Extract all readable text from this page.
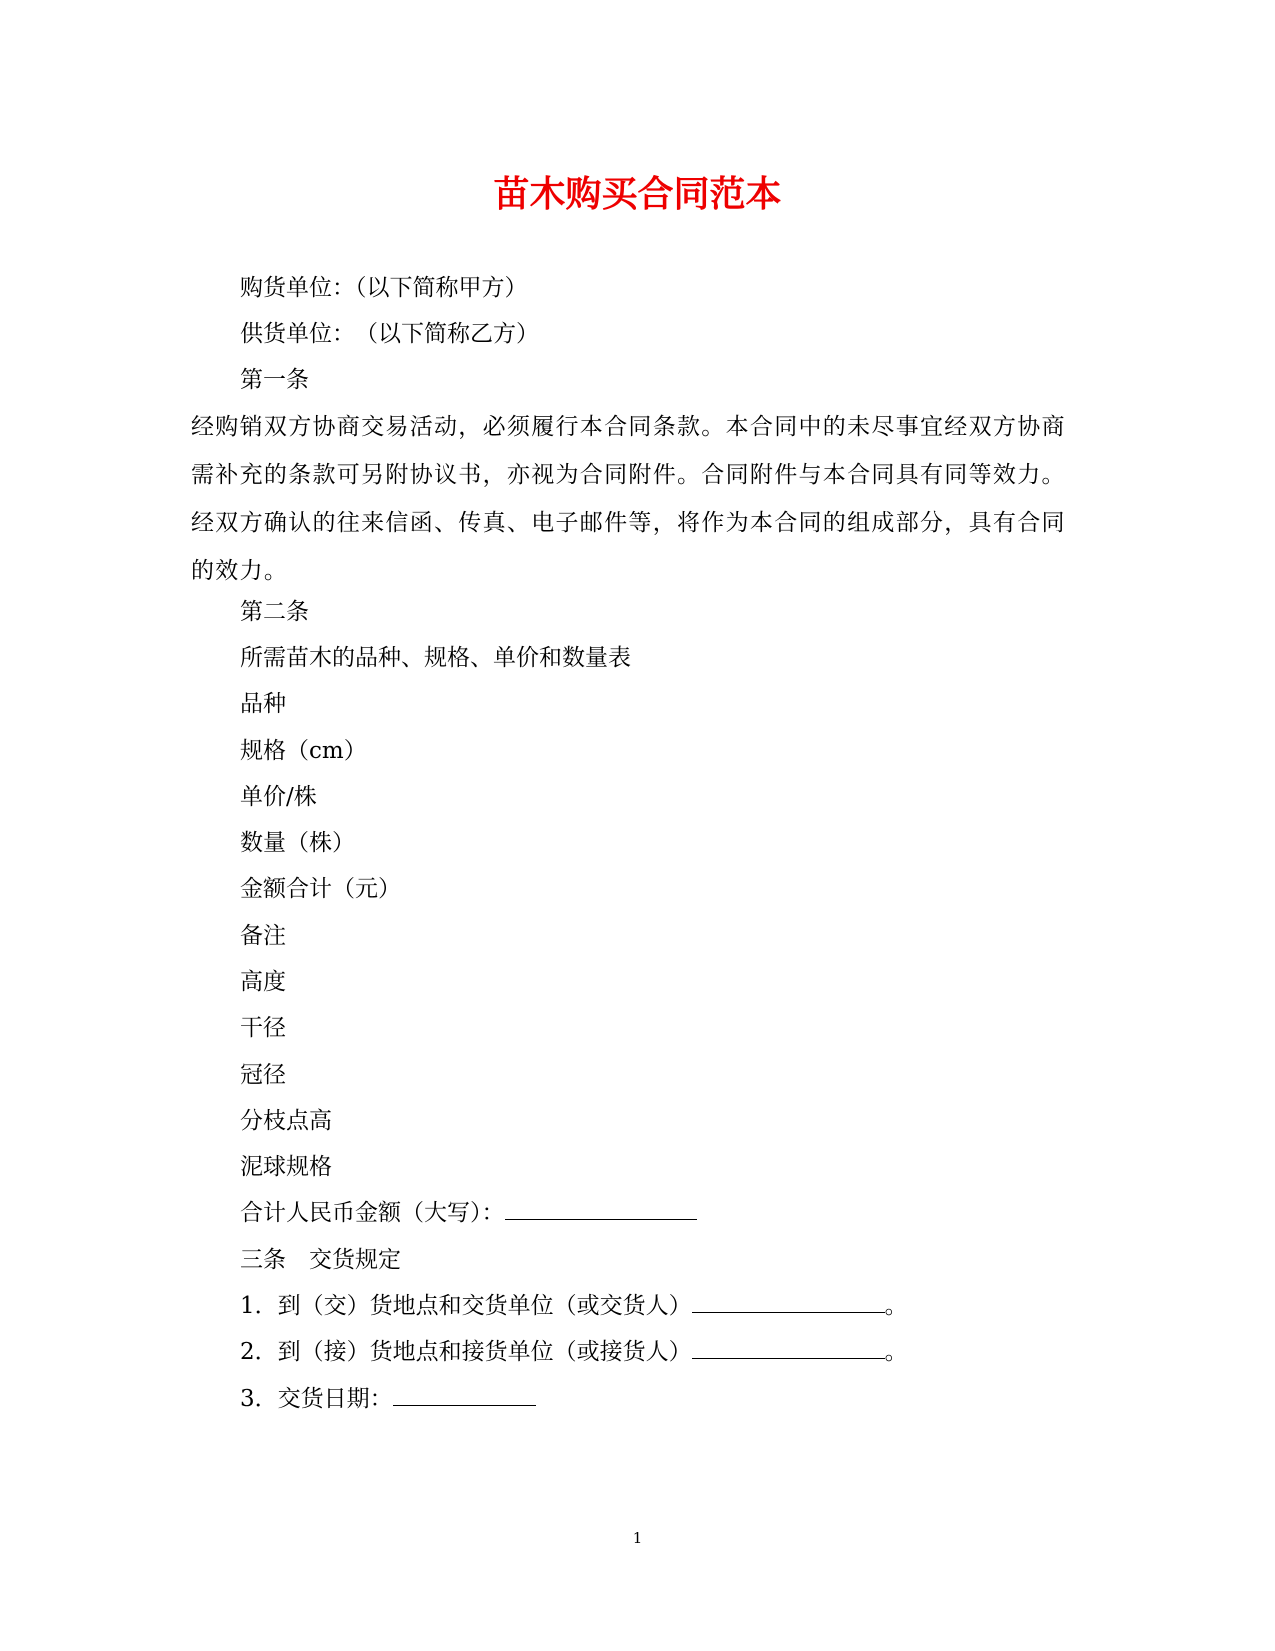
苗木购买合同范本
购货单位：（以下简称甲方）
供货单位：　（以下简称乙方）
第一条
经购销双方协商交易活动，必须履行本合同条款。本合同中的未尽事宜经双方协商需补充的条款可另附协议书，亦视为合同附件。合同附件与本合同具有同等效力。经双方确认的往来信函、传真、电子邮件等，将作为本合同的组成部分，具有合同的效力。
第二条
所需苗木的品种、规格、单价和数量表
品种
规格（cm）
单价/株
数量（株）
金额合计（元）
备注
高度
干径
冠径
分枝点高
泥球规格
合计人民币金额（大写）：
三条　交货规定
1．到（交）货地点和交货单位（或交货人）	。
2．到（接）货地点和接货单位（或接货人）	。
3．交货日期：
1
